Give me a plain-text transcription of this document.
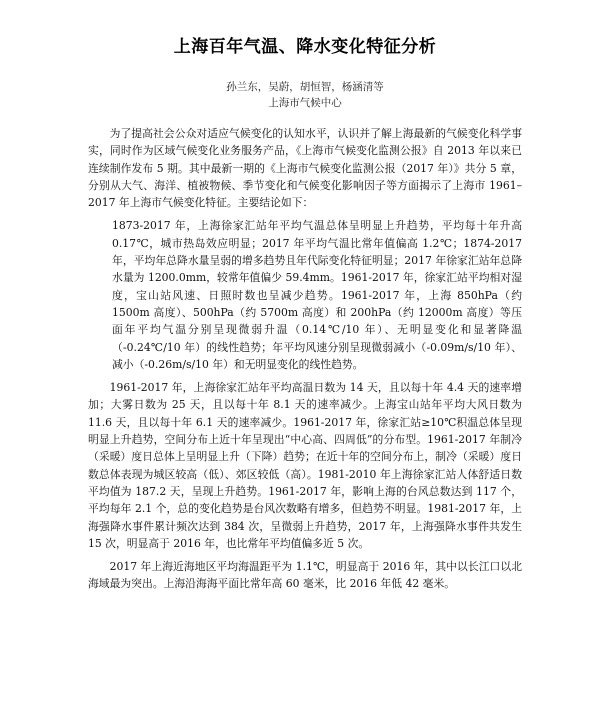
上海百年气温、降水变化特征分析
孙兰东，吴蔚，胡恒智，杨涵清等
上海市气候中心

为了提高社会公众对适应气候变化的认知水平，认识并了解上海最新的气候变化科学事实，同时作为区域气候变化业务服务产品，《上海市气候变化监测公报》自 2013 年以来已连续制作发布 5 期。其中最新一期的《上海市气候变化监测公报（2017 年）》共分 5 章，分别从大气、海洋、植被物候、季节变化和气候变化影响因子等方面揭示了上海市 1961–2017 年上海市气候变化特征。主要结论如下：

1873-2017 年，上海徐家汇站年平均气温总体呈明显上升趋势，平均每十年升高 0.17℃，城市热岛效应明显；2017 年平均气温比常年值偏高 1.2℃；1874-2017 年，平均年总降水量呈弱的增多趋势且年代际变化特征明显；2017 年徐家汇站年总降水量为 1200.0mm，较常年值偏少 59.4mm。1961-2017 年，徐家汇站平均相对湿度，宝山站风速、日照时数也呈减少趋势。1961-2017 年，上海 850hPa（约 1500m 高度）、500hPa（约 5700m 高度）和 200hPa（约 12000m 高度）等压面年平均气温分别呈现微弱升温（0.14℃/10 年）、无明显变化和显著降温（-0.24℃/10 年）的线性趋势；年平均风速分别呈现微弱减小（-0.09m/s/10 年）、减小（-0.26m/s/10 年）和无明显变化的线性趋势。

1961-2017 年，上海徐家汇站年平均高温日数为 14 天，且以每十年 4.4 天的速率增加；大雾日数为 25 天，且以每十年 8.1 天的速率减少。上海宝山站年平均大风日数为 11.6 天，且以每十年 6.1 天的速率减少。1961-2017 年，徐家汇站≥10℃积温总体呈现明显上升趋势，空间分布上近十年呈现出“中心高、四周低”的分布型。1961-2017 年制冷（采暖）度日总体上呈明显上升（下降）趋势；在近十年的空间分布上，制冷（采暖）度日数总体表现为城区较高（低）、郊区较低（高）。1981-2010 年上海徐家汇站人体舒适日数平均值为 187.2 天，呈现上升趋势。1961-2017 年，影响上海的台风总数达到 117 个，平均每年 2.1 个，总的变化趋势是台风次数略有增多，但趋势不明显。1981-2017 年，上海强降水事件累计频次达到 384 次，呈微弱上升趋势，2017 年，上海强降水事件共发生 15 次，明显高于 2016 年，也比常年平均值偏多近 5 次。

2017 年上海近海地区平均海温距平为 1.1℃，明显高于 2016 年，其中以长江口以北海域最为突出。上海沿海海平面比常年高 60 毫米，比 2016 年低 42 毫米。
